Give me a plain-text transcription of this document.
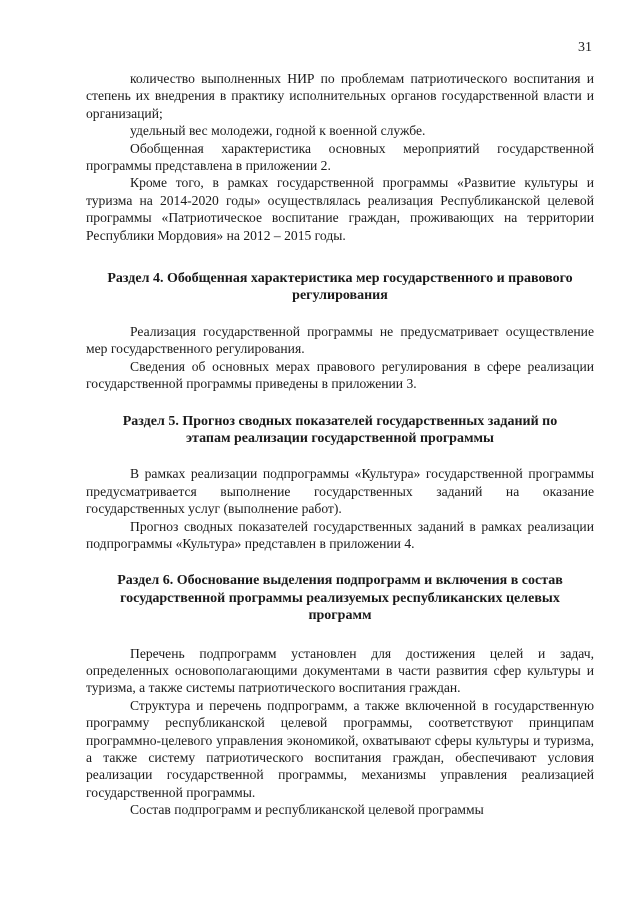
31

количество выполненных НИР по проблемам патриотического воспитания и степень их внедрения в практику исполнительных органов государственной власти и организаций;

удельный вес молодежи, годной к военной службе.

Обобщенная характеристика основных мероприятий государственной программы представлена в приложении 2.

Кроме того, в рамках государственной программы «Развитие культуры и туризма на 2014-2020 годы» осуществлялась реализация Республиканской целевой программы «Патриотическое воспитание граждан, проживающих на территории Республики Мордовия» на 2012 – 2015 годы.

Раздел 4. Обобщенная характеристика мер государственного и правового регулирования

Реализация государственной программы не предусматривает осуществление мер государственного регулирования.

Сведения об основных мерах правового регулирования в сфере реализации государственной программы приведены в приложении 3.

Раздел 5. Прогноз сводных показателей государственных заданий по этапам реализации государственной программы

В рамках реализации подпрограммы «Культура» государственной программы предусматривается выполнение государственных заданий на оказание государственных услуг (выполнение работ).

Прогноз сводных показателей государственных заданий в рамках реализации подпрограммы «Культура» представлен в приложении 4.

Раздел 6. Обоснование выделения подпрограмм и включения в состав государственной программы реализуемых республиканских целевых программ

Перечень подпрограмм установлен для достижения целей и задач, определенных основополагающими документами в части развития сфер культуры и туризма, а также системы патриотического воспитания граждан.

Структура и перечень подпрограмм, а также включенной в государственную программу республиканской целевой программы, соответствуют принципам программно-целевого управления экономикой, охватывают сферы культуры и туризма, а также систему патриотического воспитания граждан, обеспечивают условия реализации государственной программы, механизмы управления реализацией государственной программы.

Состав подпрограмм и республиканской целевой программы
